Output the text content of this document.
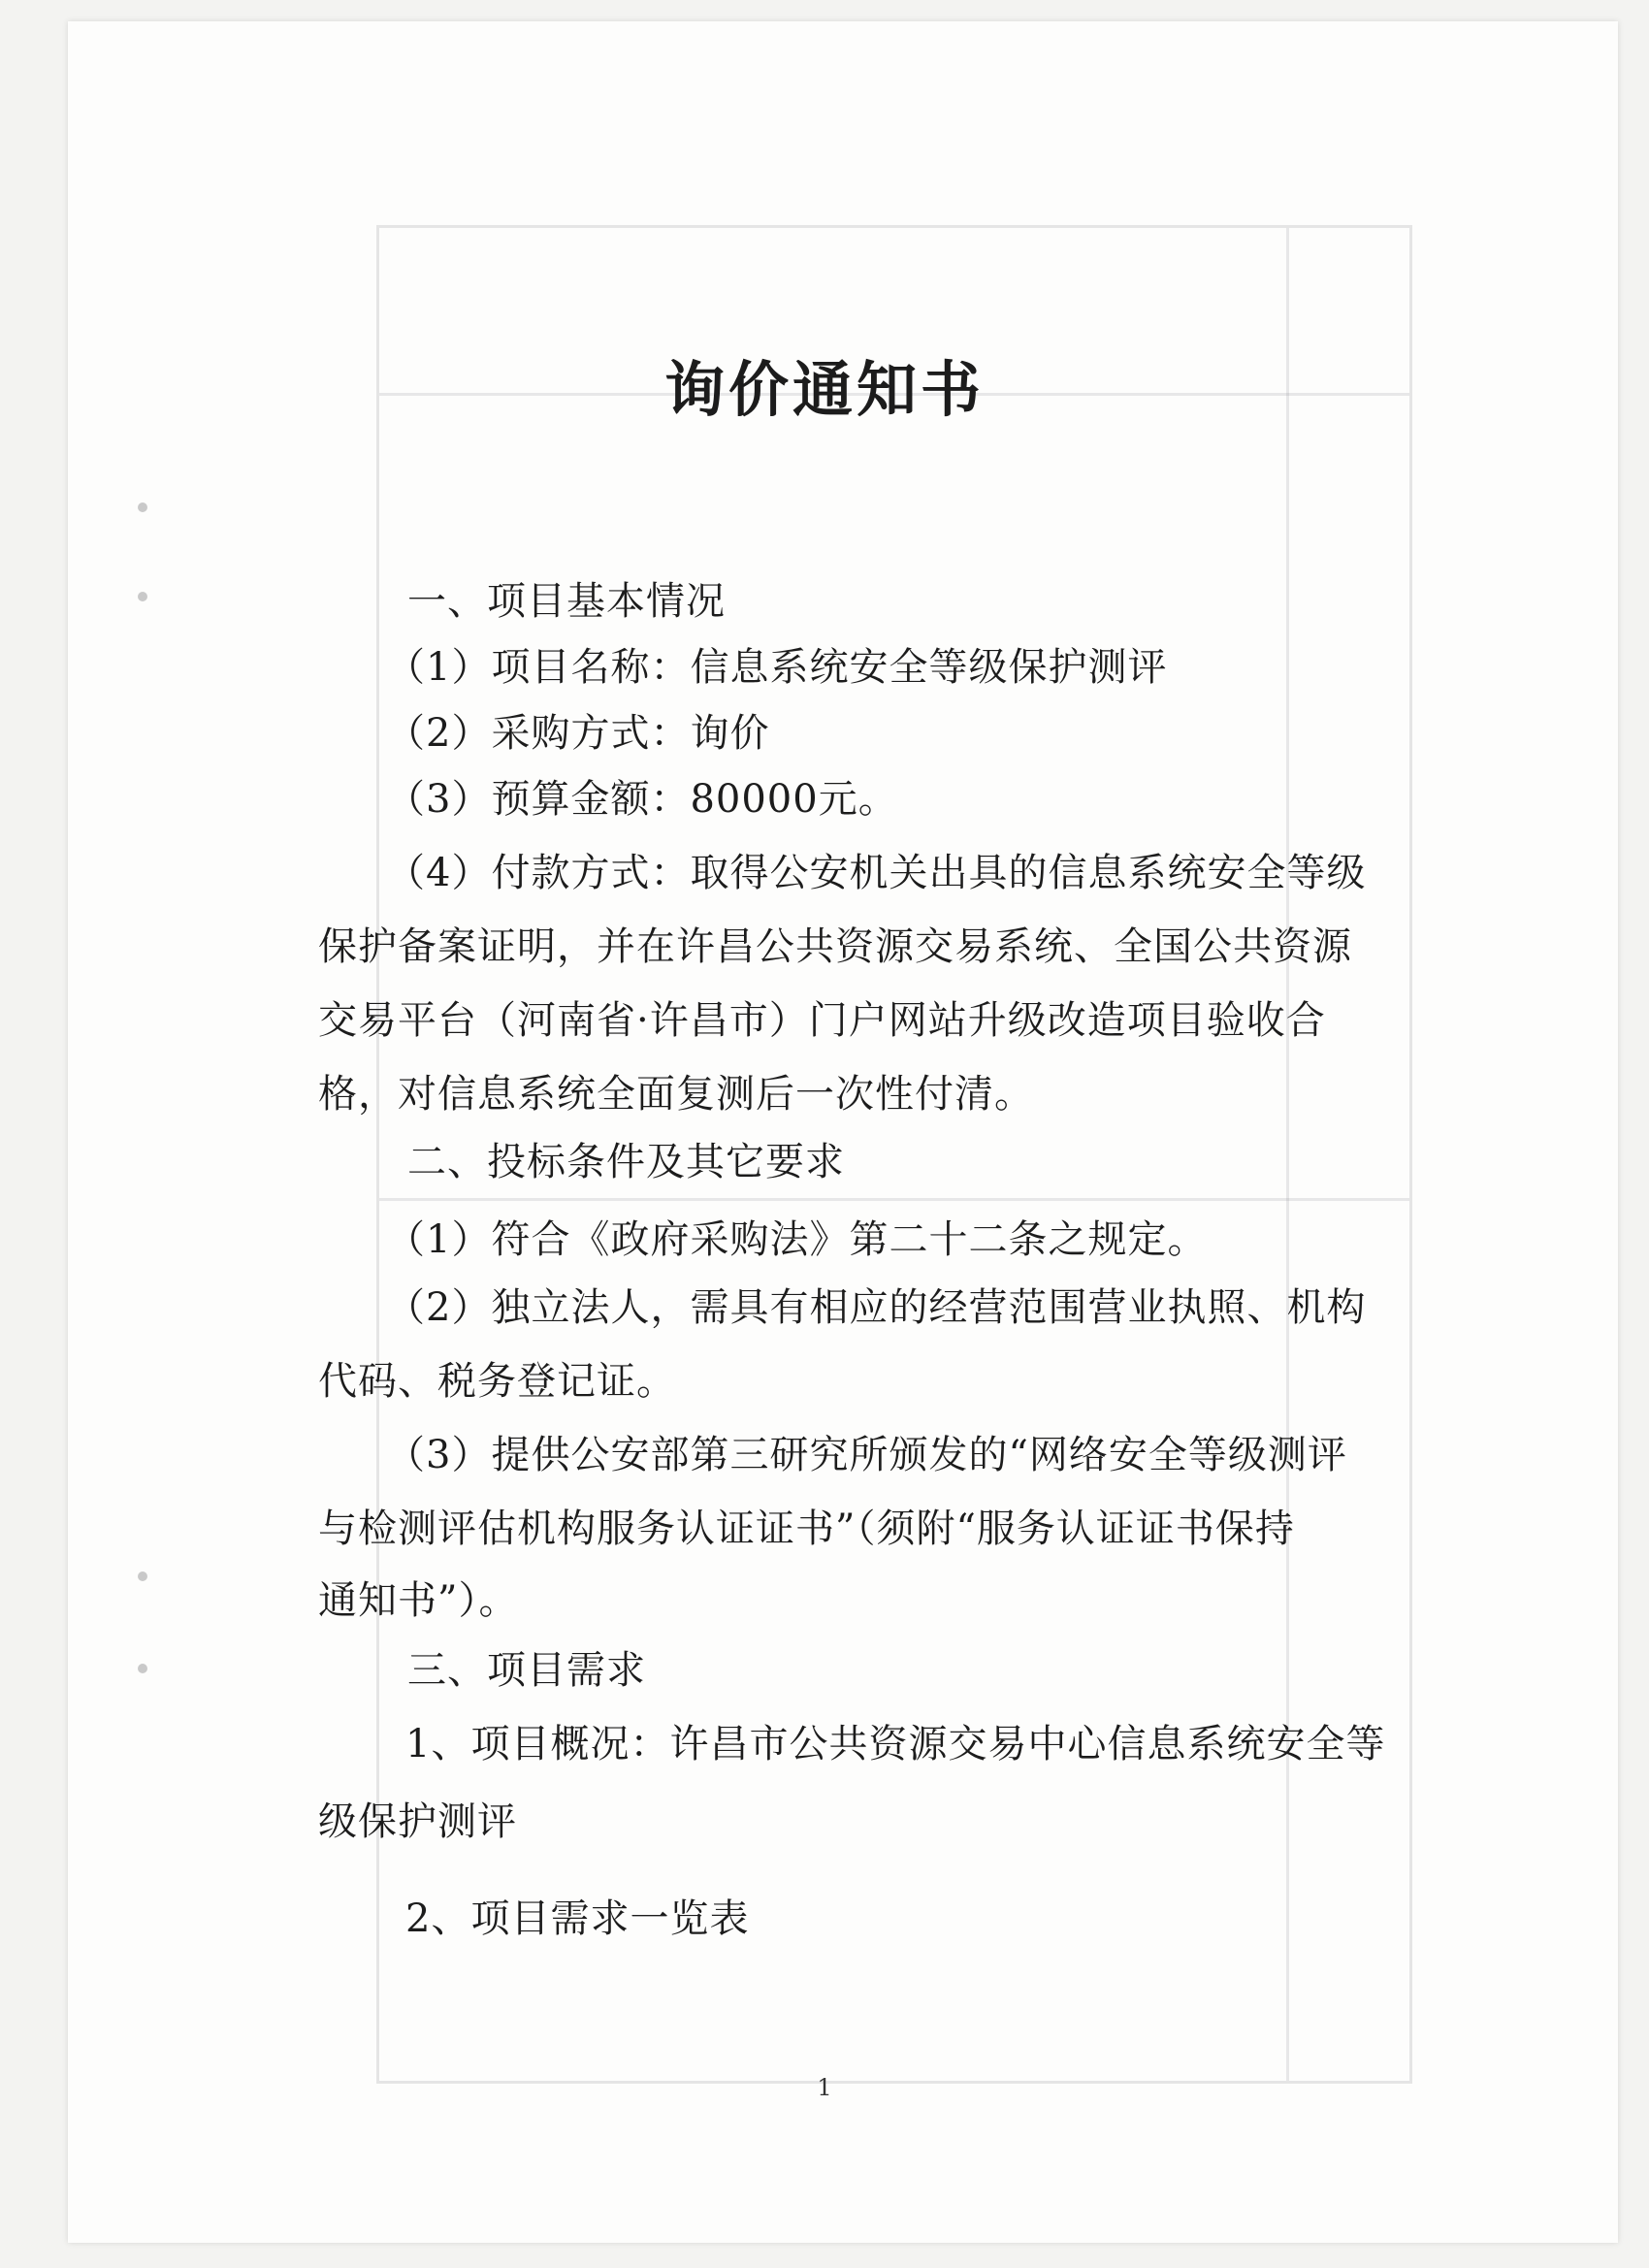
询价通知书
一、项目基本情况
（1）项目名称：信息系统安全等级保护测评
（2）采购方式：询价
（3）预算金额：80000元。
（4）付款方式：取得公安机关出具的信息系统安全等级
保护备案证明，并在许昌公共资源交易系统、全国公共资源
交易平台（河南省·许昌市）门户网站升级改造项目验收合
格，对信息系统全面复测后一次性付清。
二、投标条件及其它要求
（1）符合《政府采购法》第二十二条之规定。
（2）独立法人，需具有相应的经营范围营业执照、机构
代码、税务登记证。
（3）提供公安部第三研究所颁发的“网络安全等级测评
与检测评估机构服务认证证书”（须附“服务认证证书保持
通知书”）。
三、项目需求
1、项目概况：许昌市公共资源交易中心信息系统安全等
级保护测评
2、项目需求一览表
1
